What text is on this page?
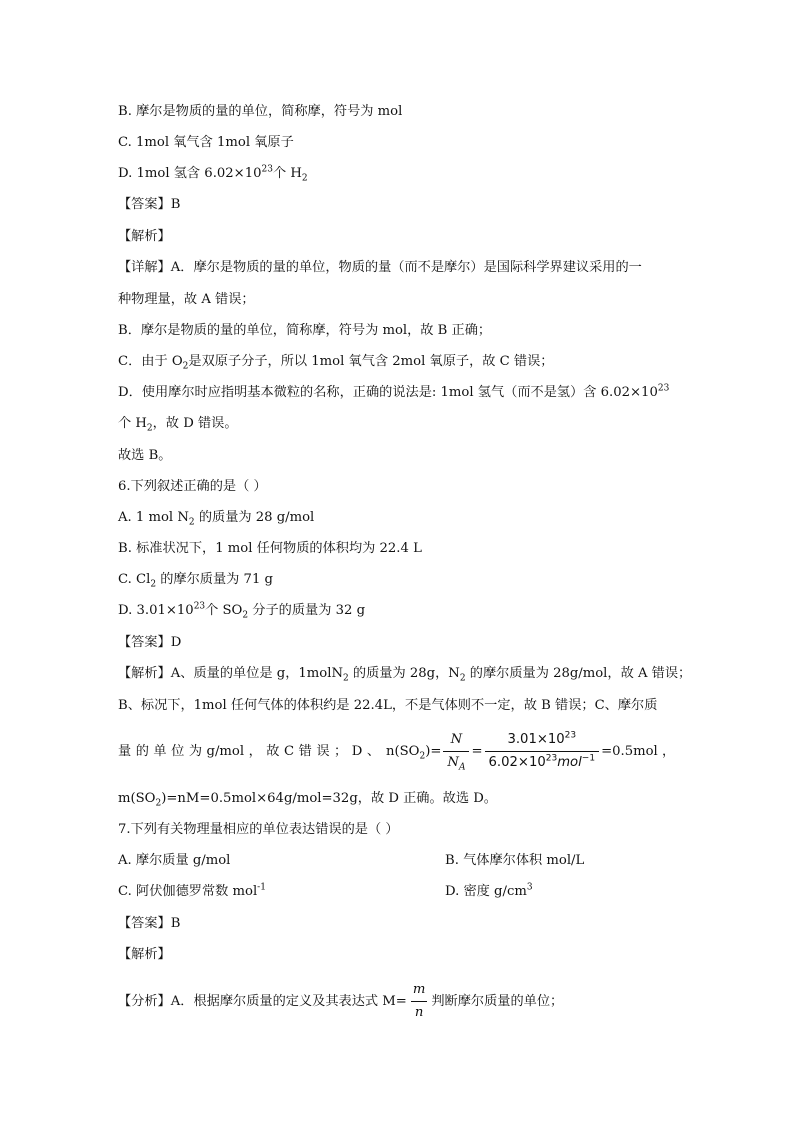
B. 摩尔是物质的量的单位，简称摩，符号为 mol
C. 1mol 氧气含 1mol 氧原子
D. 1mol 氢含 $6.02\times 10^{23}$个 $H_2$
【答案】B
【解析】
【详解】A．摩尔是物质的量的单位，物质的量（而不是摩尔）是国际科学界建议采用的一
种物理量，故 A 错误；
B．摩尔是物质的量的单位，简称摩，符号为 mol，故 B 正确；
C．由于 $O_2$是双原子分子，所以 1mol 氧气含 2mol 氧原子，故 C 错误；
D．使用摩尔时应指明基本微粒的名称，正确的说法是: 1mol 氢气（而不是氢）含 $6.02\times 10^{23}$
个 $H_2$，故 D 错误。
故选 B。
6.下列叙述正确的是（ ）
A. 1 mol $N_2$ 的质量为 28 g/mol
B. 标准状况下，1 mol 任何物质的体积均为 22.4 L
C. $Cl_2$ 的摩尔质量为 71 g
D. $3.01\times 10^{23}$个 $SO_2$ 分子的质量为 32 g
【答案】D
【解析】A、质量的单位是 g，1molN$_2$ 的质量为 28g，$N_2$ 的摩尔质量为 28g/mol，故 A 错误；
B、标况下，1mol 任何气体的体积约是 22.4L，不是气体则不一定，故 B 错误；C、摩尔质
量 的 单 位 为 g/mol ， 故 C 错 误 ； D 、 $n(SO_2)= \frac{N}{N_A} = \frac{3.01\times 10^{23}}{6.02\times 10^{23}mol^{-1}} =0.5mol$ ，
$m(SO_2)=nM=0.5mol\times 64g/mol=32g$，故 D 正确。故选 D。
7.下列有关物理量相应的单位表达错误的是（ ）
A. 摩尔质量 g/mol	B. 气体摩尔体积 mol/L
C. 阿伏伽德罗常数 mol$^{-1}$	D. 密度 $g/cm^3$
【答案】B
【解析】
【分析】A．根据摩尔质量的定义及其表达式 $M= \frac{m}{n}$ 判断摩尔质量的单位；
